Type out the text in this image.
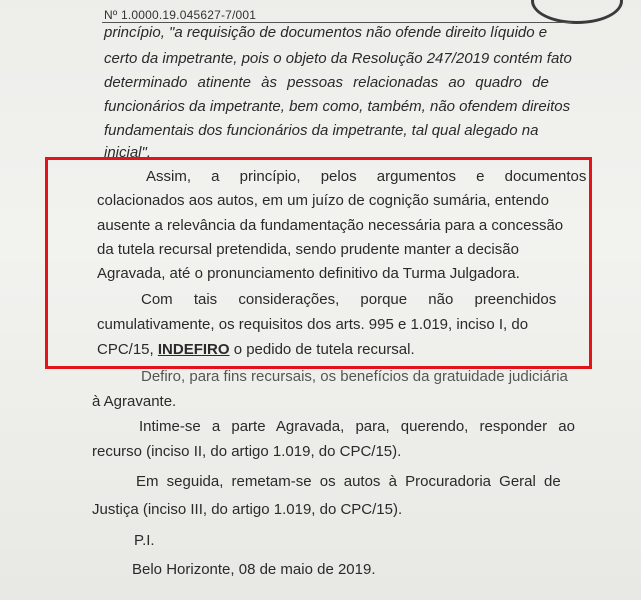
Nº 1.0000.19.045627-7/001
princípio, "a requisição de documentos não ofende direito líquido e
certo da impetrante, pois o objeto da Resolução 247/2019 contém fato
determinado atinente às pessoas relacionadas ao quadro de
funcionários da impetrante, bem como, também, não ofendem direitos
fundamentais dos funcionários da impetrante, tal qual alegado na
inicial".
Assim, a princípio, pelos argumentos e documentos
colacionados aos autos, em um juízo de cognição sumária, entendo
ausente a relevância da fundamentação necessária para a concessão
da tutela recursal pretendida, sendo prudente manter a decisão
Agravada, até o pronunciamento definitivo da Turma Julgadora.
Com tais considerações, porque não preenchidos
cumulativamente, os requisitos dos arts. 995 e 1.019, inciso I, do
CPC/15, INDEFIRO o pedido de tutela recursal.
Defiro, para fins recursais, os benefícios da gratuidade judiciária
à Agravante.
Intime-se a parte Agravada, para, querendo, responder ao
recurso (inciso II, do artigo 1.019, do CPC/15).
Em seguida, remetam-se os autos à Procuradoria Geral de
Justiça (inciso III, do artigo 1.019, do CPC/15).
P.I.
Belo Horizonte, 08 de maio de 2019.
